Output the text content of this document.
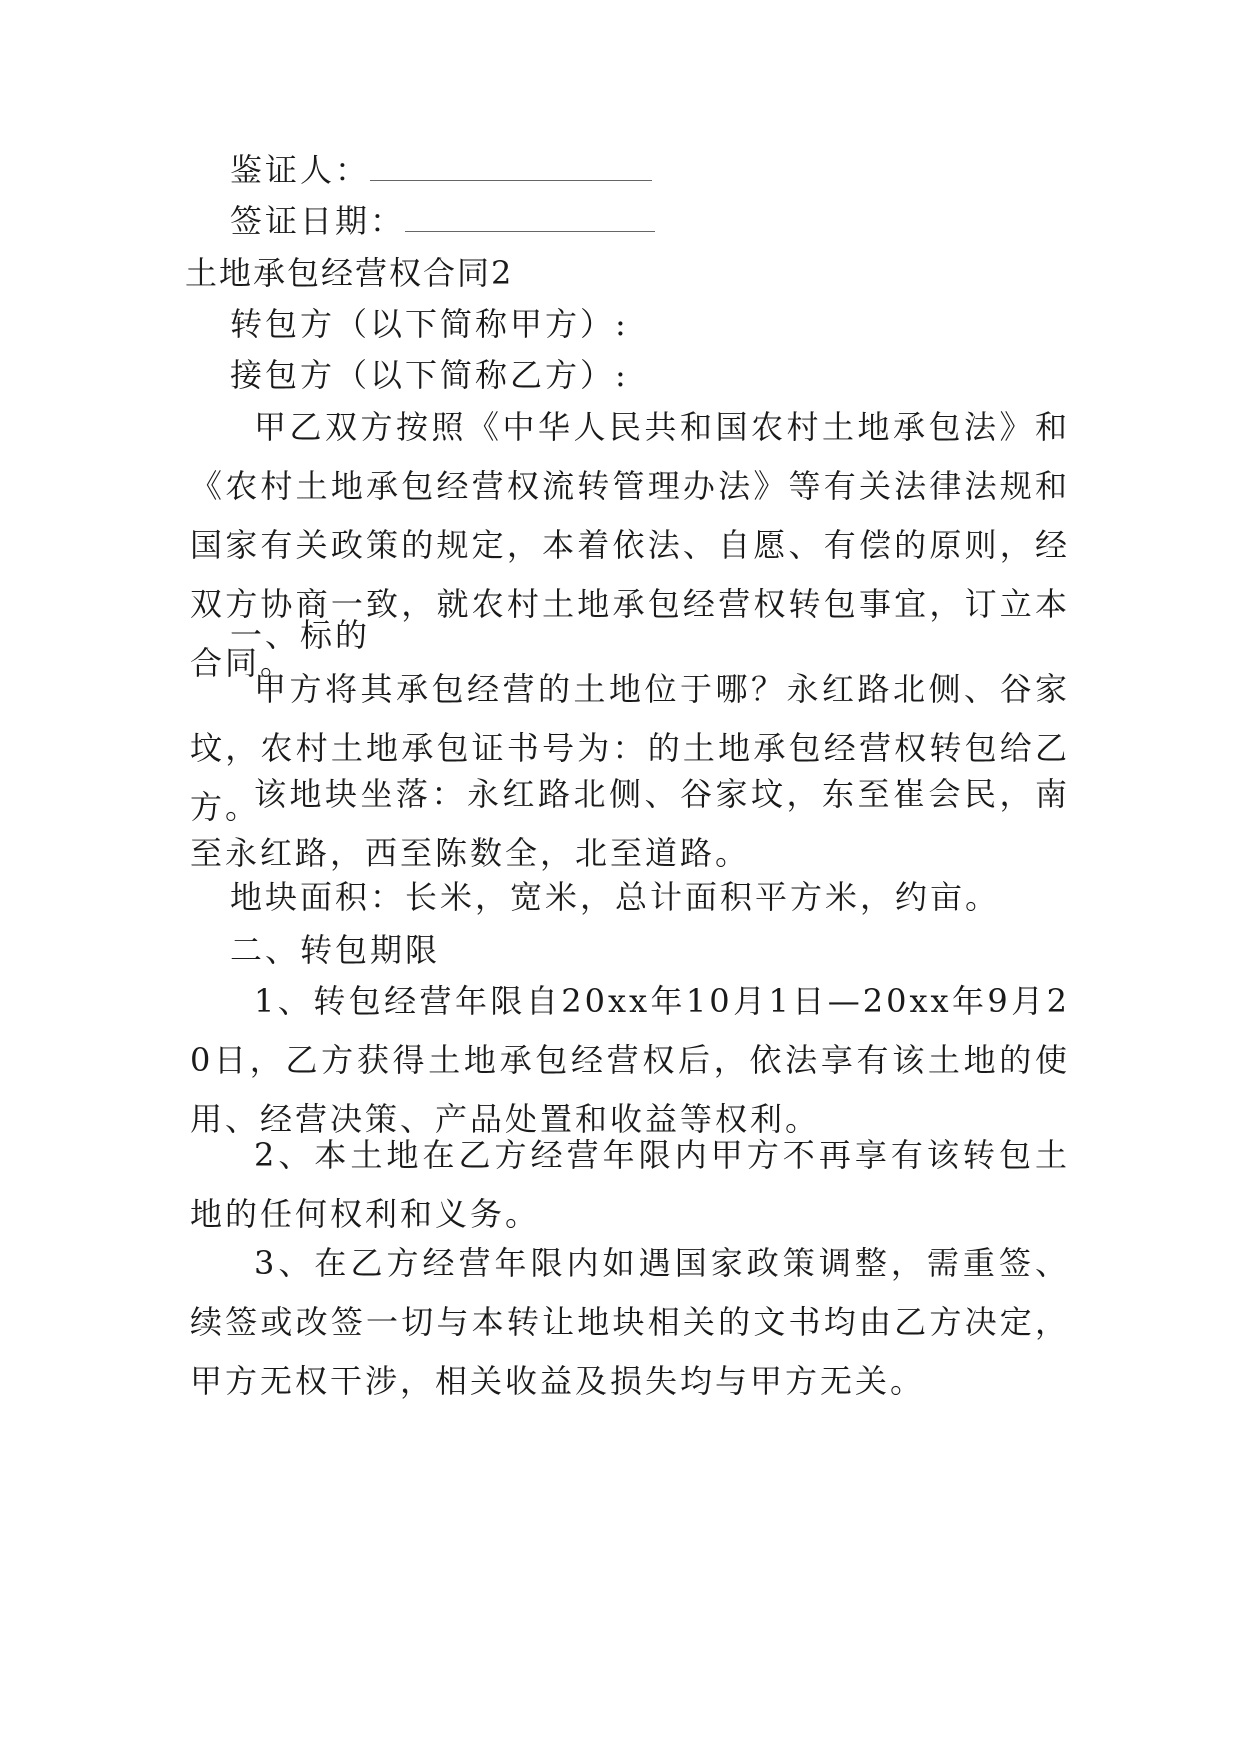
鉴证人：
签证日期：
土地承包经营权合同2
转包方（以下简称甲方）:
接包方（以下简称乙方）:
甲乙双方按照《中华人民共和国农村土地承包法》和《农村土地承包经营权流转管理办法》等有关法律法规和国家有关政策的规定，本着依法、自愿、有偿的原则，经双方协商一致，就农村土地承包经营权转包事宜，订立本合同。
一、标的
甲方将其承包经营的土地位于哪？永红路北侧、谷家坟，农村土地承包证书号为：的土地承包经营权转包给乙方。
该地块坐落：永红路北侧、谷家坟，东至崔会民，南至永红路，西至陈数全，北至道路。
地块面积：长米，宽米，总计面积平方米，约亩。
二、转包期限
1、转包经营年限自20xx年10月1日—20xx年9月20日，乙方获得土地承包经营权后，依法享有该土地的使用、经营决策、产品处置和收益等权利。
2、本土地在乙方经营年限内甲方不再享有该转包土地的任何权利和义务。
3、在乙方经营年限内如遇国家政策调整，需重签、续签或改签一切与本转让地块相关的文书均由乙方决定，甲方无权干涉，相关收益及损失均与甲方无关。
